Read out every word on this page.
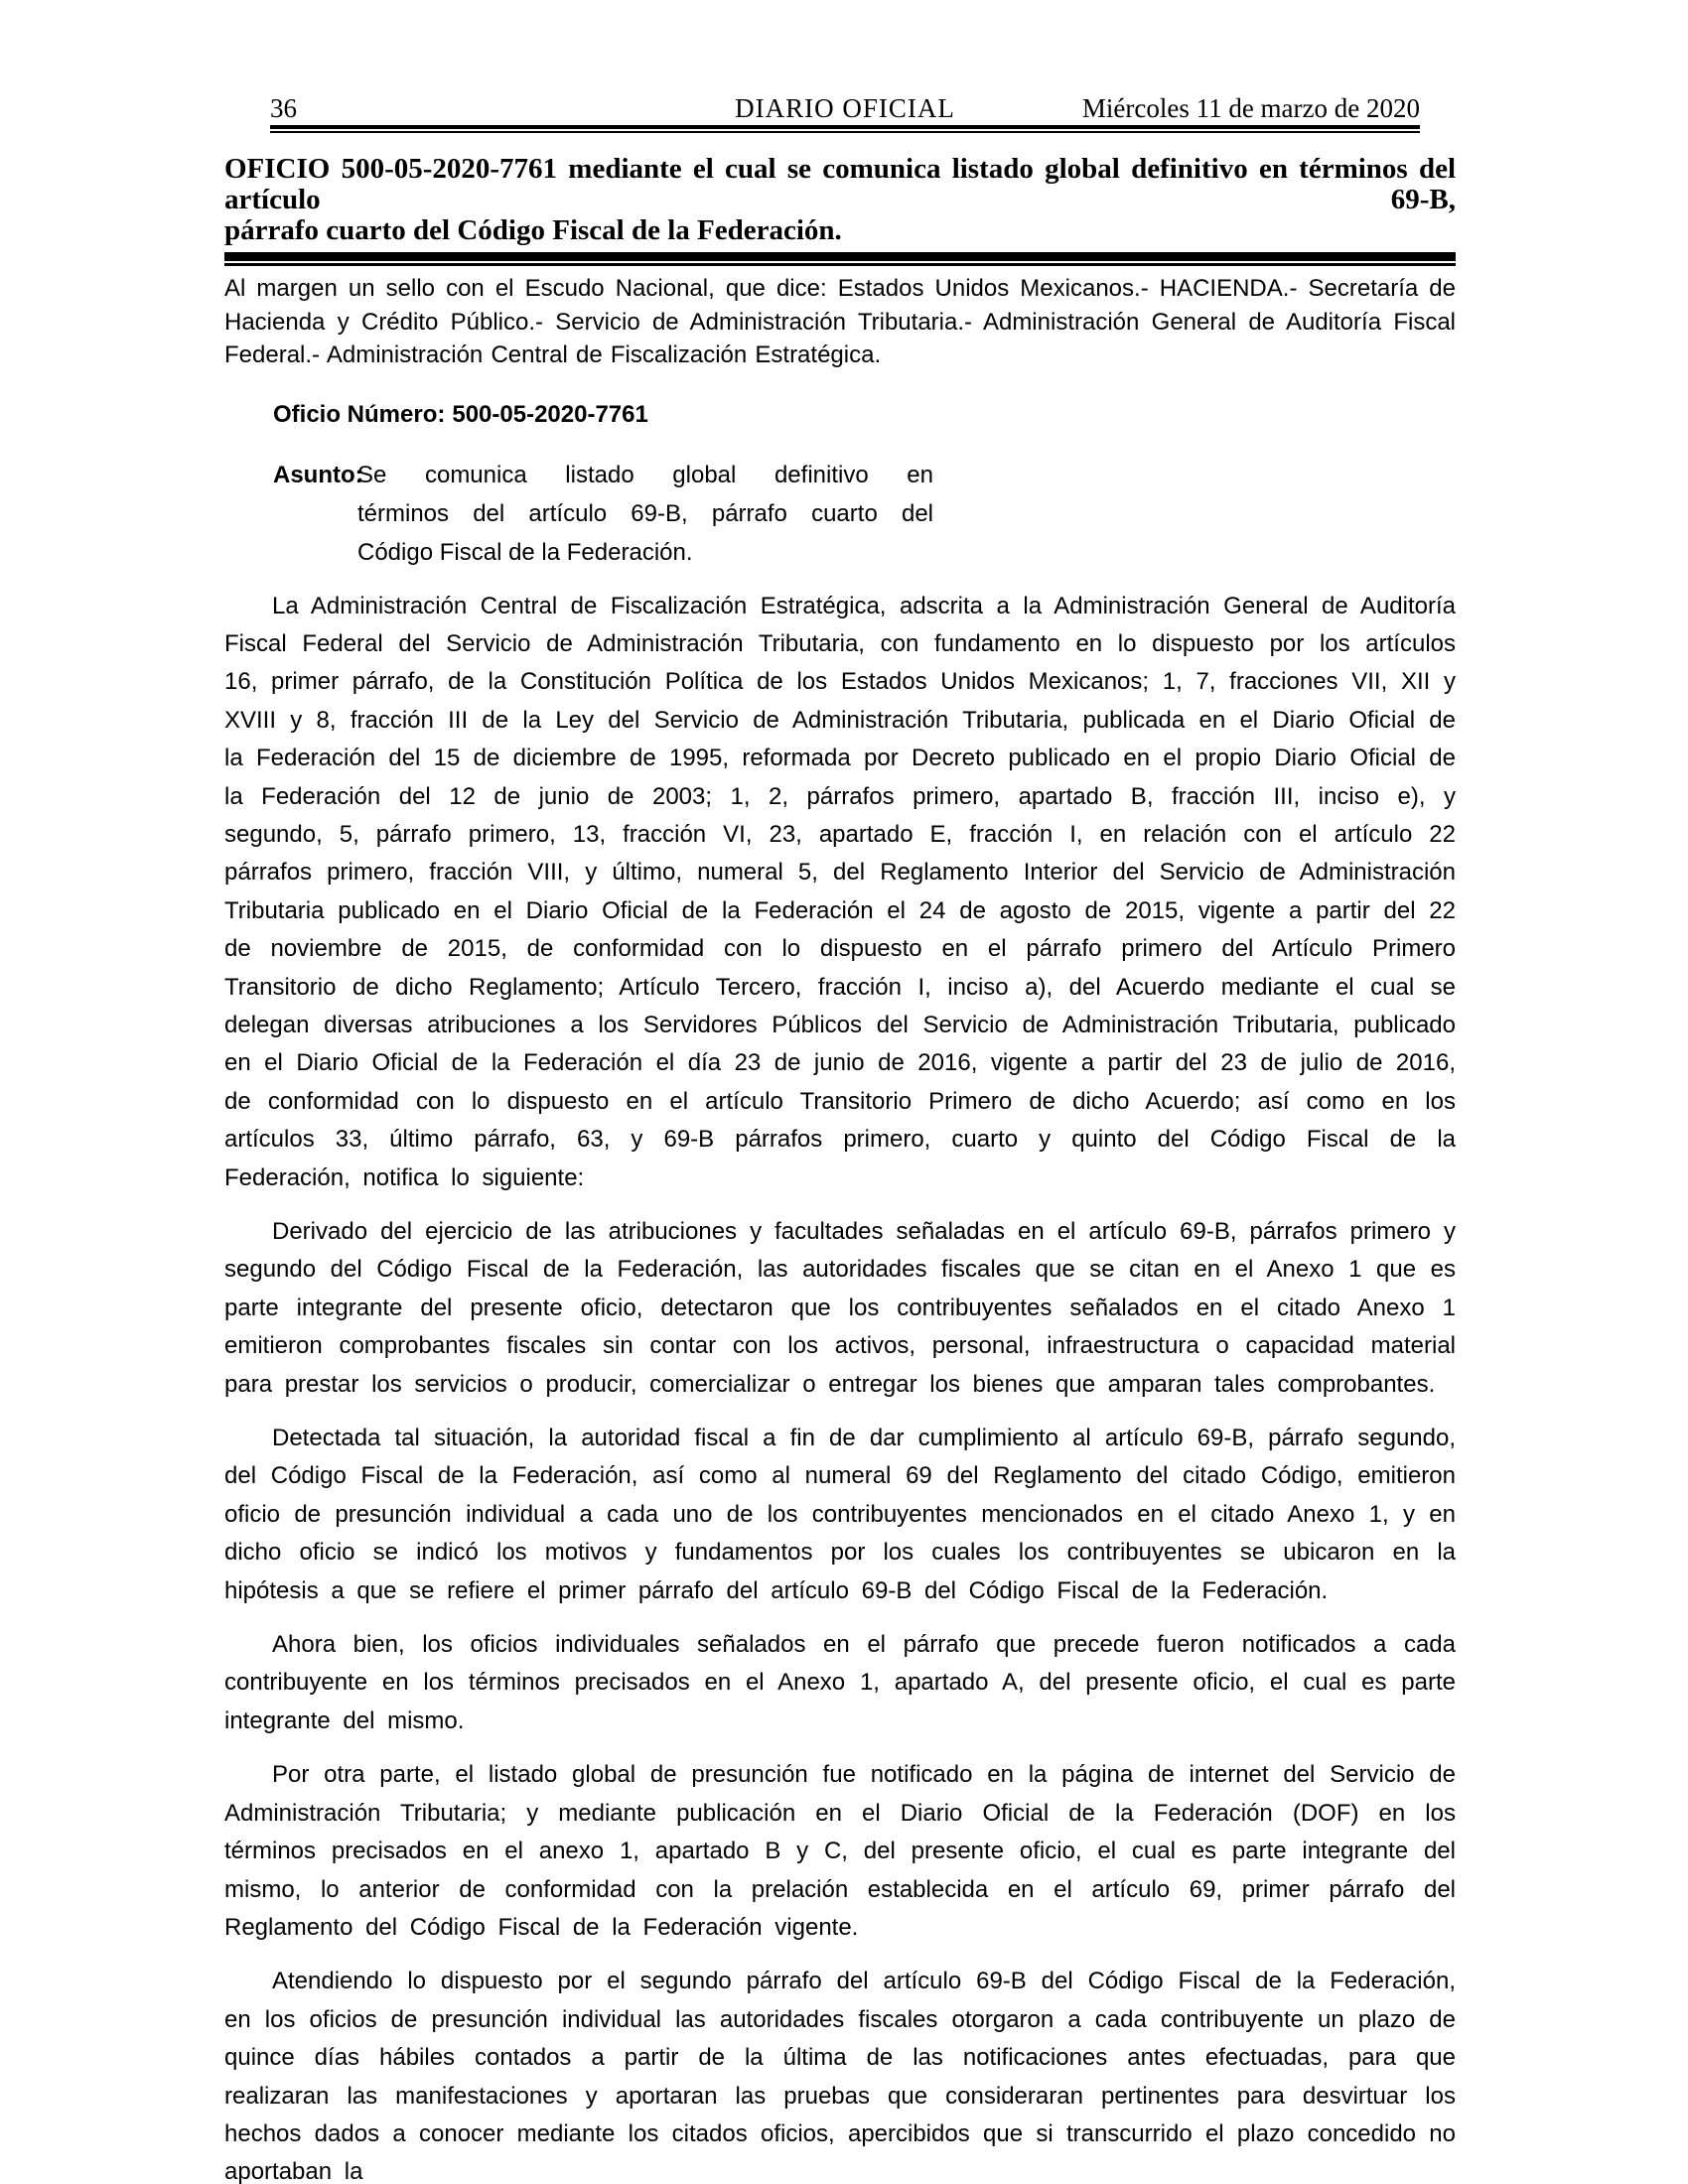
36	DIARIO OFICIAL	Miércoles 11 de marzo de 2020
OFICIO 500-05-2020-7761 mediante el cual se comunica listado global definitivo en términos del artículo 69-B,
párrafo cuarto del Código Fiscal de la Federación.

Al margen un sello con el Escudo Nacional, que dice: Estados Unidos Mexicanos.- HACIENDA.- Secretaría de Hacienda y Crédito Público.- Servicio de Administración Tributaria.- Administración General de Auditoría Fiscal Federal.- Administración Central de Fiscalización Estratégica.

Oficio Número: 500-05-2020-7761
Asunto:
Se comunica listado global definitivo en
términos del artículo 69-B, párrafo cuarto del
Código Fiscal de la Federación.

La Administración Central de Fiscalización Estratégica, adscrita a la Administración General de Auditoría Fiscal Federal del Servicio de Administración Tributaria, con fundamento en lo dispuesto por los artículos 16, primer párrafo, de la Constitución Política de los Estados Unidos Mexicanos; 1, 7, fracciones VII, XII y XVIII y 8, fracción III de la Ley del Servicio de Administración Tributaria, publicada en el Diario Oficial de la Federación del 15 de diciembre de 1995, reformada por Decreto publicado en el propio Diario Oficial de la Federación del 12 de junio de 2003; 1, 2, párrafos primero, apartado B, fracción III, inciso e), y segundo, 5, párrafo primero, 13, fracción VI, 23, apartado E, fracción I, en relación con el artículo 22 párrafos primero, fracción VIII, y último, numeral 5, del Reglamento Interior del Servicio de Administración Tributaria publicado en el Diario Oficial de la Federación el 24 de agosto de 2015, vigente a partir del 22 de noviembre de 2015, de conformidad con lo dispuesto en el párrafo primero del Artículo Primero Transitorio de dicho Reglamento; Artículo Tercero, fracción I, inciso a), del Acuerdo mediante el cual se delegan diversas atribuciones a los Servidores Públicos del Servicio de Administración Tributaria, publicado en el Diario Oficial de la Federación el día 23 de junio de 2016, vigente a partir del 23 de julio de 2016, de conformidad con lo dispuesto en el artículo Transitorio Primero de dicho Acuerdo; así como en los artículos 33, último párrafo, 63, y 69-B párrafos primero, cuarto y quinto del Código Fiscal de la Federación, notifica lo siguiente:

Derivado del ejercicio de las atribuciones y facultades señaladas en el artículo 69-B, párrafos primero y segundo del Código Fiscal de la Federación, las autoridades fiscales que se citan en el Anexo 1 que es parte integrante del presente oficio, detectaron que los contribuyentes señalados en el citado Anexo 1 emitieron comprobantes fiscales sin contar con los activos, personal, infraestructura o capacidad material para prestar los servicios o producir, comercializar o entregar los bienes que amparan tales comprobantes.

Detectada tal situación, la autoridad fiscal a fin de dar cumplimiento al artículo 69-B, párrafo segundo, del Código Fiscal de la Federación, así como al numeral 69 del Reglamento del citado Código, emitieron oficio de presunción individual a cada uno de los contribuyentes mencionados en el citado Anexo 1, y en dicho oficio se indicó los motivos y fundamentos por los cuales los contribuyentes se ubicaron en la hipótesis a que se refiere el primer párrafo del artículo 69-B del Código Fiscal de la Federación.

Ahora bien, los oficios individuales señalados en el párrafo que precede fueron notificados a cada contribuyente en los términos precisados en el Anexo 1, apartado A, del presente oficio, el cual es parte integrante del mismo.

Por otra parte, el listado global de presunción fue notificado en la página de internet del Servicio de Administración Tributaria; y mediante publicación en el Diario Oficial de la Federación (DOF) en los términos precisados en el anexo 1, apartado B y C, del presente oficio, el cual es parte integrante del mismo, lo anterior de conformidad con la prelación establecida en el artículo 69, primer párrafo del Reglamento del Código Fiscal de la Federación vigente.

Atendiendo lo dispuesto por el segundo párrafo del artículo 69-B del Código Fiscal de la Federación, en los oficios de presunción individual las autoridades fiscales otorgaron a cada contribuyente un plazo de quince días hábiles contados a partir de la última de las notificaciones antes efectuadas, para que realizaran las manifestaciones y aportaran las pruebas que consideraran pertinentes para desvirtuar los hechos dados a conocer mediante los citados oficios, apercibidos que si transcurrido el plazo concedido no aportaban la
